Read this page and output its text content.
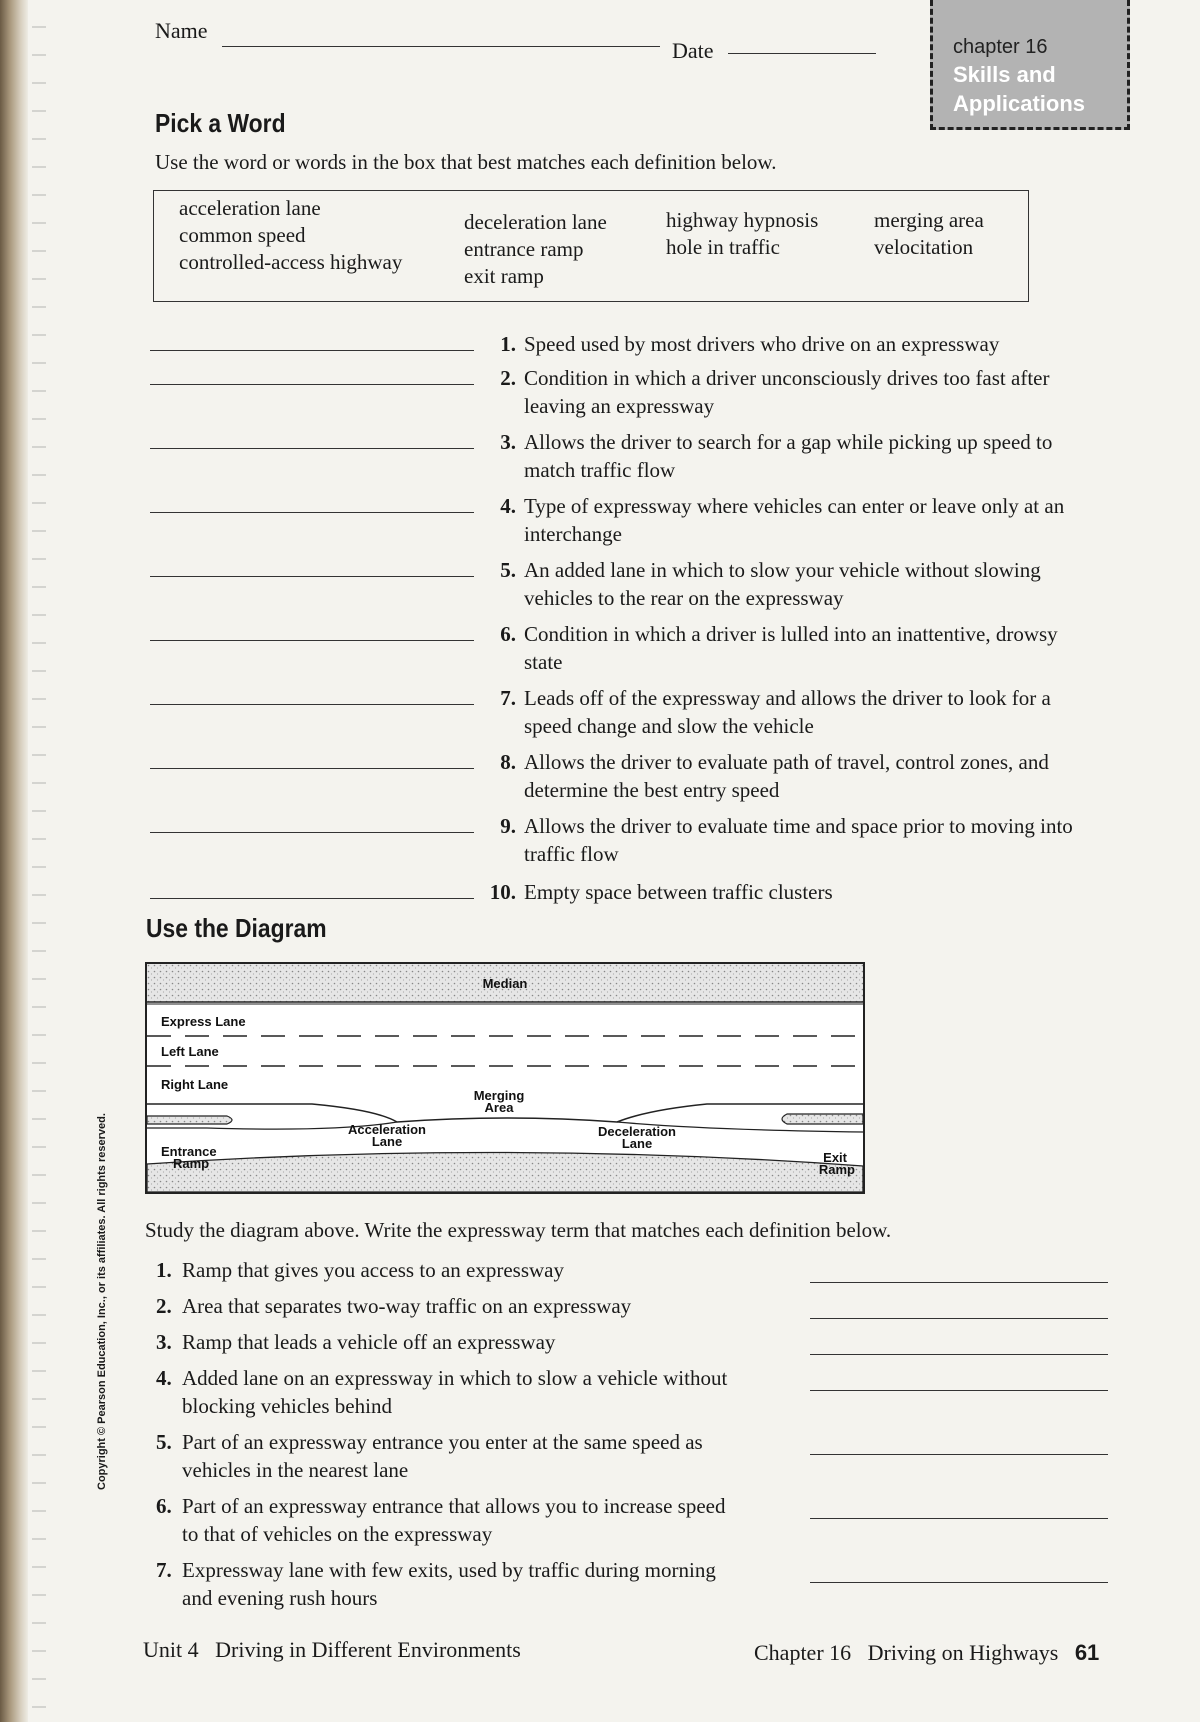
Name
Date	chapter 16
Skills and
Applications
Pick a Word
Use the word or words in the box that best matches each definition below.
acceleration lane
common speed
controlled-access highway
deceleration lane
entrance ramp
exit ramp
highway hypnosis
hole in traffic
merging area
velocitation
1. Speed used by most drivers who drive on an expressway
2. Condition in which a driver unconsciously drives too fast after
leaving an expressway
3. Allows the driver to search for a gap while picking up speed to
match traffic flow
4. Type of expressway where vehicles can enter or leave only at an
interchange
5. An added lane in which to slow your vehicle without slowing
vehicles to the rear on the expressway
6. Condition in which a driver is lulled into an inattentive, drowsy
state
7. Leads off of the expressway and allows the driver to look for a
speed change and slow the vehicle
8. Allows the driver to evaluate path of travel, control zones, and
determine the best entry speed
9. Allows the driver to evaluate time and space prior to moving into
traffic flow
10. Empty space between traffic clusters
Use the Diagram
Median
Express Lane
Left Lane
Right Lane
Merging
Area
Acceleration
Lane
Deceleration
Lane
Entrance
Ramp	Exit
Ramp
Study the diagram above. Write the expressway term that matches each definition below.
1. Ramp that gives you access to an expressway
2. Area that separates two-way traffic on an expressway
3. Ramp that leads a vehicle off an expressway
4. Added lane on an expressway in which to slow a vehicle without
blocking vehicles behind
5. Part of an expressway entrance you enter at the same speed as
vehicles in the nearest lane
6. Part of an expressway entrance that allows you to increase speed
to that of vehicles on the expressway
7. Expressway lane with few exits, used by traffic during morning
and evening rush hours
Unit 4 Driving in Different Environments	Chapter 16 Driving on Highways 61
Copyright © Pearson Education, Inc., or its affiliates. All rights reserved.
